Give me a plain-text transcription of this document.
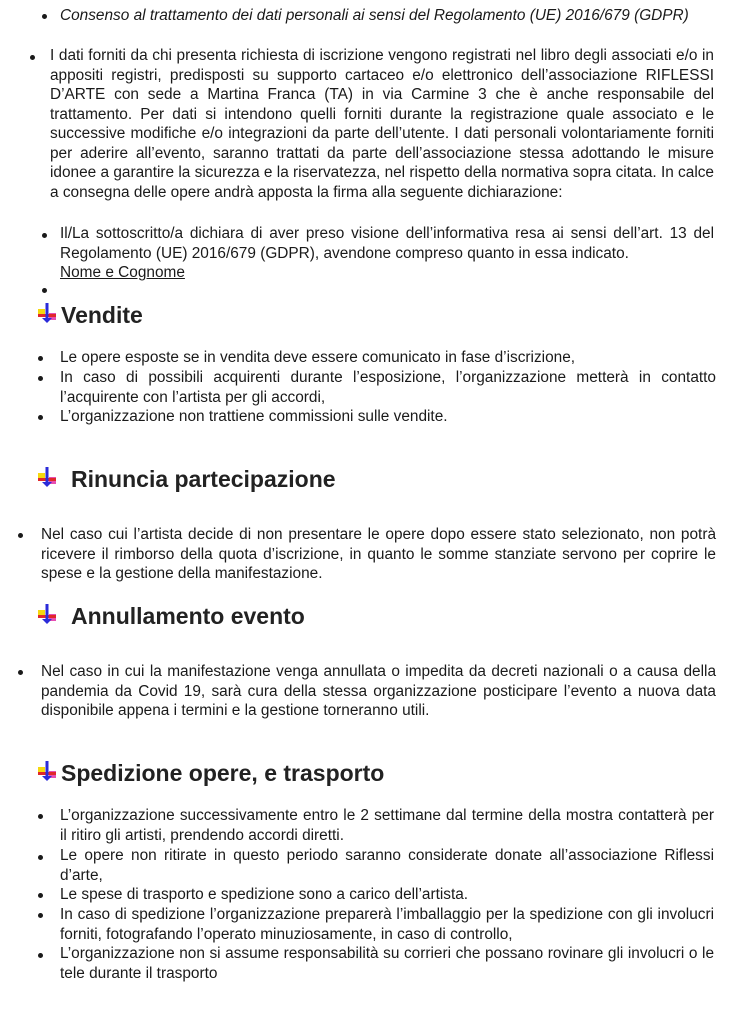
Consenso al trattamento dei dati personali ai sensi del Regolamento (UE) 2016/679 (GDPR)

I dati forniti da chi presenta richiesta di iscrizione vengono registrati nel libro degli associati e/o in appositi registri, predisposti su supporto cartaceo e/o elettronico dell’associazione RIFLESSI D’ARTE con sede a Martina Franca (TA) in via Carmine 3 che è anche responsabile del trattamento. Per dati si intendono quelli forniti durante la registrazione quale associato e le successive modifiche e/o integrazioni da parte dell’utente. I dati personali volontariamente forniti per aderire all’evento, saranno trattati da parte dell’associazione stessa adottando le misure idonee a garantire la sicurezza e la riservatezza, nel rispetto della normativa sopra citata. In calce a consegna delle opere andrà apposta la firma alla seguente dichiarazione:

Il/La sottoscritto/a dichiara di aver preso visione dell’informativa resa ai sensi dell’art. 13 del Regolamento (UE) 2016/679 (GDPR), avendone compreso quanto in essa indicato.

Nome e Cognome

Vendite

Le opere esposte se in vendita deve essere comunicato in fase d’iscrizione,

In caso di possibili acquirenti durante l’esposizione, l’organizzazione metterà in contatto l’acquirente con l’artista per gli accordi,

L’organizzazione non trattiene commissioni sulle vendite.

Rinuncia partecipazione

Nel caso cui l’artista decide di non presentare le opere dopo essere stato selezionato, non potrà ricevere il rimborso della quota d’iscrizione, in quanto le somme stanziate servono per coprire le spese e la gestione della manifestazione.

Annullamento evento

Nel caso in cui la manifestazione venga annullata o impedita da decreti nazionali o a causa della pandemia da Covid 19, sarà cura della stessa organizzazione posticipare l’evento a nuova data disponibile appena i termini e la gestione torneranno utili.

Spedizione opere, e trasporto

L’organizzazione successivamente entro le 2 settimane dal termine della mostra contatterà per il ritiro gli artisti, prendendo accordi diretti.

Le opere non ritirate in questo periodo saranno considerate donate all’associazione Riflessi d’arte,

Le spese di trasporto e spedizione sono a carico dell’artista.

In caso di spedizione l’organizzazione preparerà l’imballaggio per la spedizione con gli involucri forniti, fotografando l’operato minuziosamente, in caso di controllo,

L’organizzazione non si assume responsabilità su corrieri che possano rovinare gli involucri o le tele durante il trasporto
